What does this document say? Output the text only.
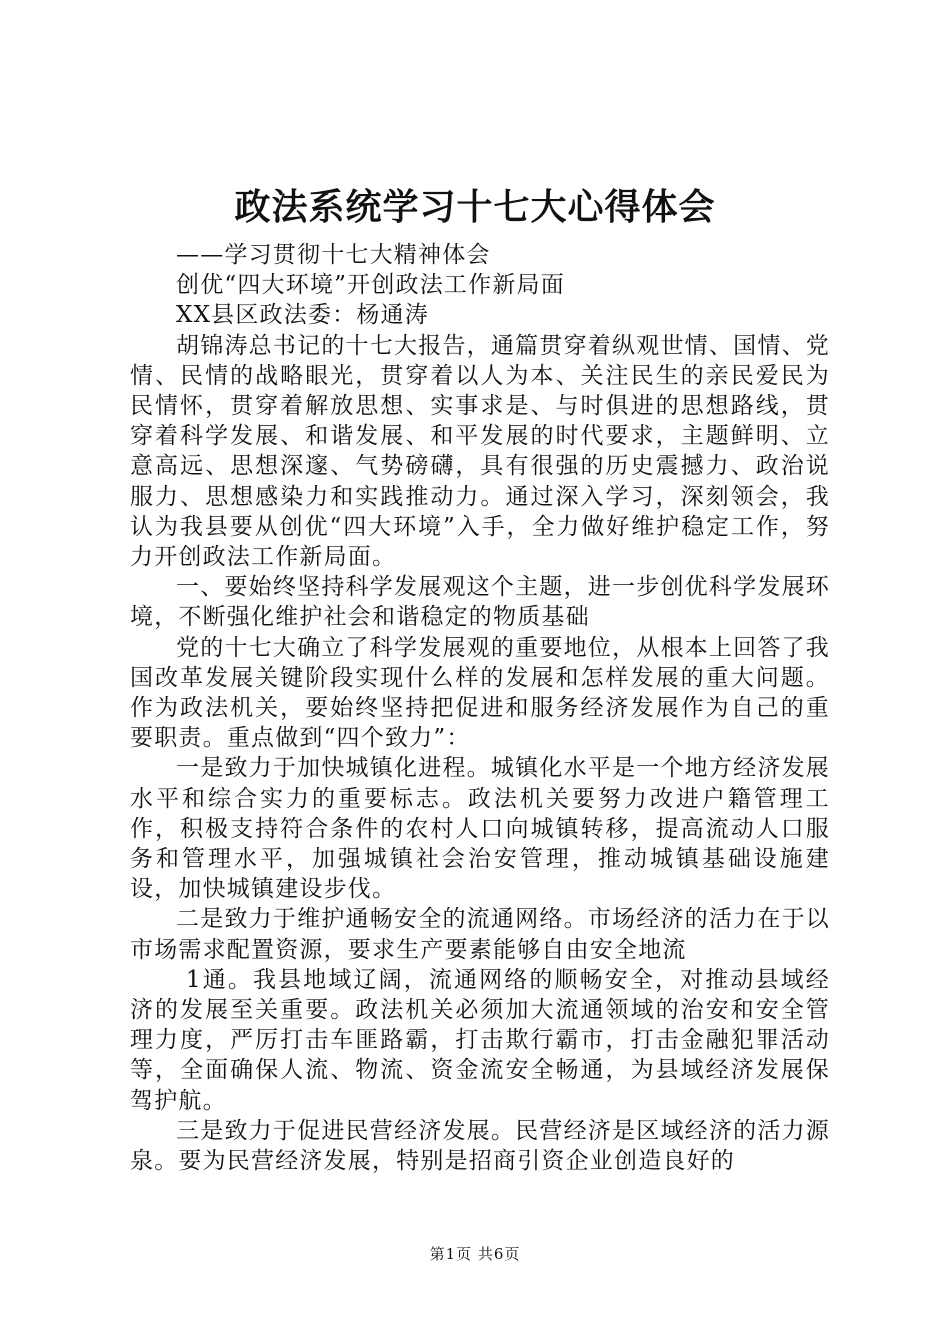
政法系统学习十七大心得体会

——学习贯彻十七大精神体会

创优“四大环境”开创政法工作新局面

XX县区政法委：杨通涛

胡锦涛总书记的十七大报告，通篇贯穿着纵观世情、国情、党情、民情的战略眼光，贯穿着以人为本、关注民生的亲民爱民为民情怀，贯穿着解放思想、实事求是、与时俱进的思想路线，贯穿着科学发展、和谐发展、和平发展的时代要求，主题鲜明、立意高远、思想深邃、气势磅礴，具有很强的历史震撼力、政治说服力、思想感染力和实践推动力。通过深入学习，深刻领会，我认为我县要从创优“四大环境”入手，全力做好维护稳定工作，努力开创政法工作新局面。

一、要始终坚持科学发展观这个主题，进一步创优科学发展环境，不断强化维护社会和谐稳定的物质基础

党的十七大确立了科学发展观的重要地位，从根本上回答了我国改革发展关键阶段实现什么样的发展和怎样发展的重大问题。作为政法机关，要始终坚持把促进和服务经济发展作为自己的重要职责。重点做到“四个致力”：

一是致力于加快城镇化进程。城镇化水平是一个地方经济发展水平和综合实力的重要标志。政法机关要努力改进户籍管理工作，积极支持符合条件的农村人口向城镇转移，提高流动人口服务和管理水平，加强城镇社会治安管理，推动城镇基础设施建设，加快城镇建设步伐。

二是致力于维护通畅安全的流通网络。市场经济的活力在于以市场需求配置资源，要求生产要素能够自由安全地流

1通。我县地域辽阔，流通网络的顺畅安全，对推动县域经济的发展至关重要。政法机关必须加大流通领域的治安和安全管理力度，严厉打击车匪路霸，打击欺行霸市，打击金融犯罪活动等，全面确保人流、物流、资金流安全畅通，为县域经济发展保驾护航。

三是致力于促进民营经济发展。民营经济是区域经济的活力源泉。要为民营经济发展，特别是招商引资企业创造良好的

第1页 共6页
